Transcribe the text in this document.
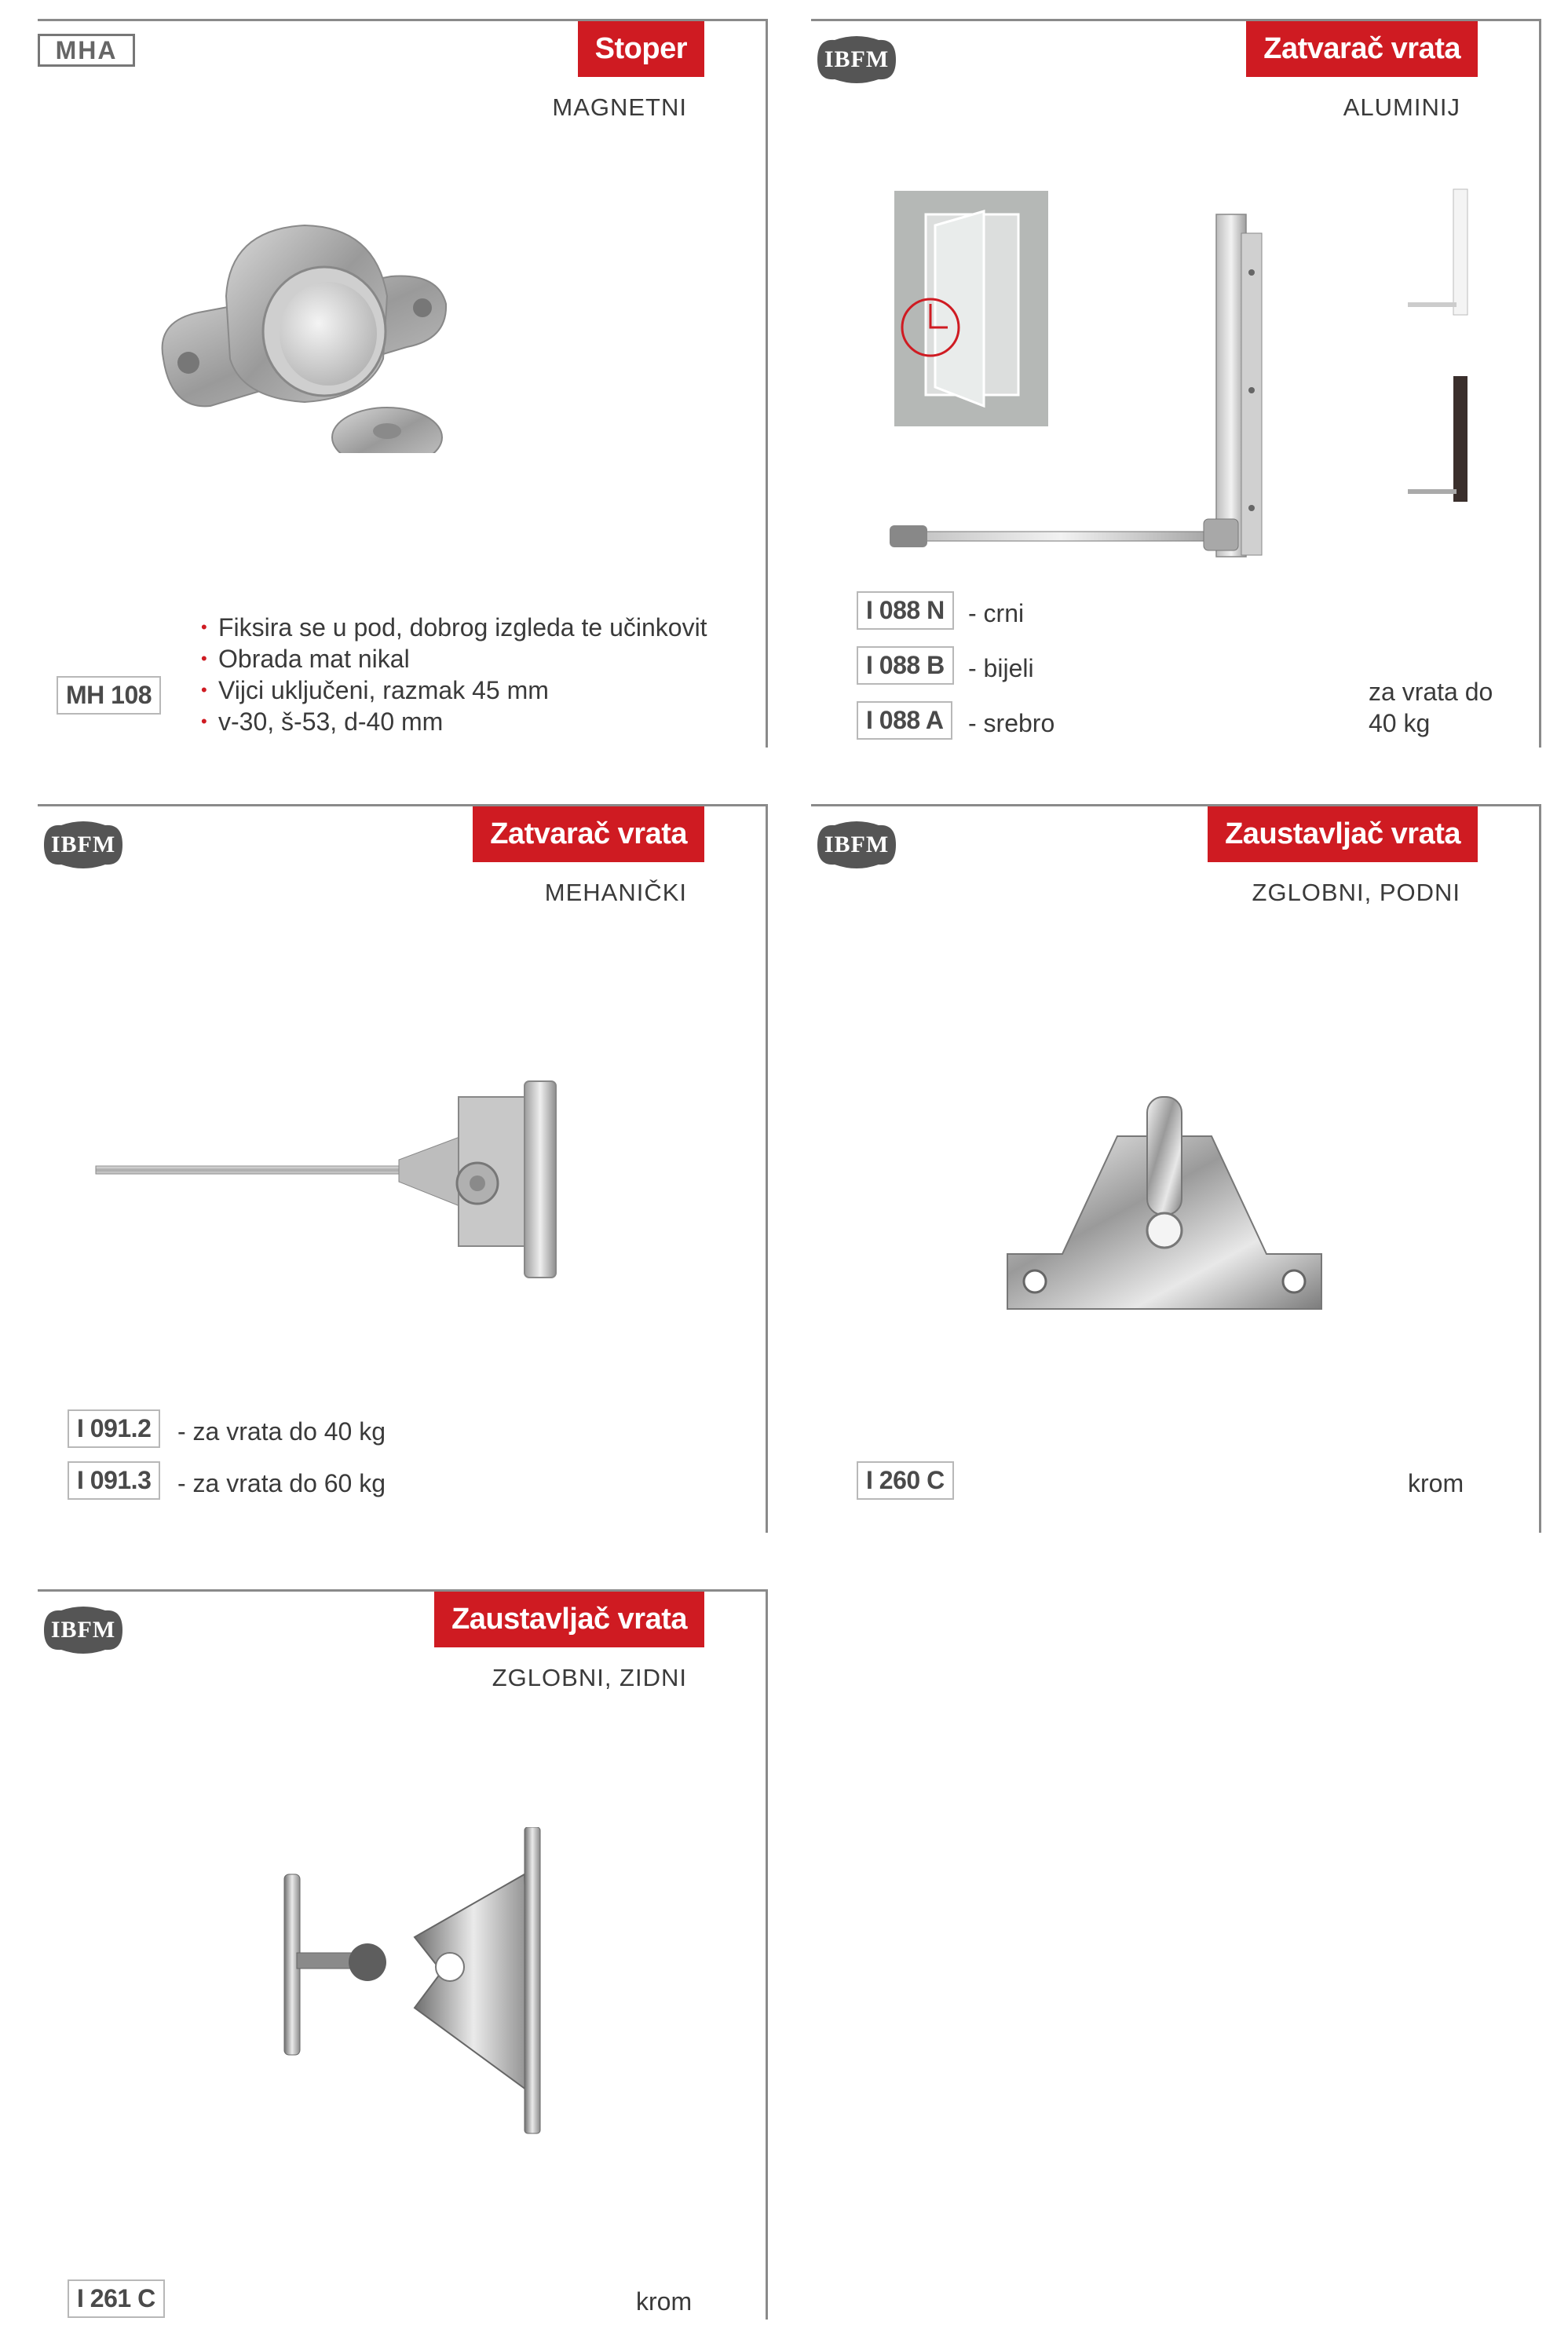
MHA	Stoper
MAGNETNI
MH 108
• Fiksira se u pod, dobrog izgleda te učinkovit
• Obrada mat nikal
• Vijci uključeni, razmak 45 mm
• v-30, š-53, d-40 mm
IBFM	Zatvarač vrata
ALUMINIJ
I 088 N - crni
I 088 B - bijeli
I 088 A - srebro
za vrata do
40 kg
IBFM	Zatvarač vrata
MEHANIČKI
I 091.2	- za vrata do 40 kg
I 091.3	- za vrata do 60 kg
IBFM	Zaustavljač vrata
ZGLOBNI, PODNI
I 260 C	krom
IBFM	Zaustavljač vrata
ZGLOBNI, ZIDNI
I 261 C	krom
